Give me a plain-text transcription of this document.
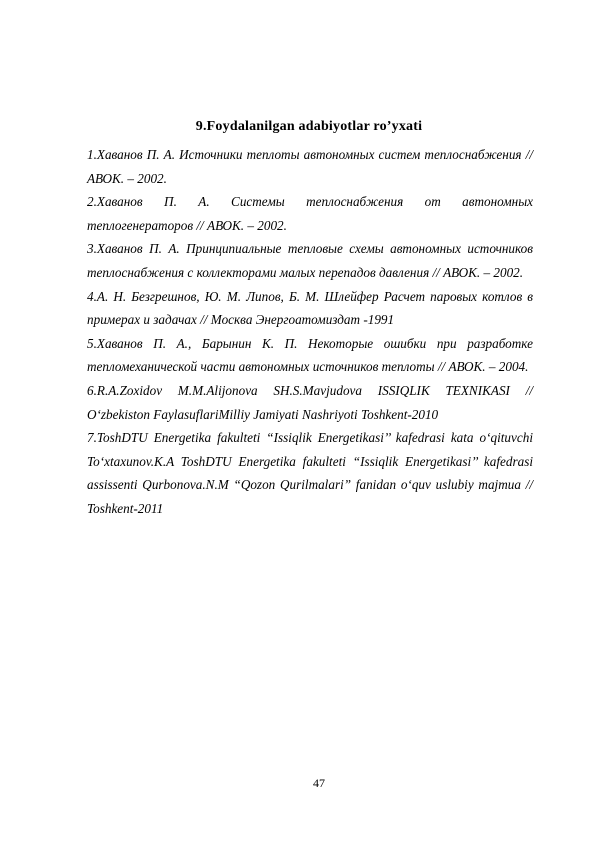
9.Foydalanilgan adabiyotlar ro’yxati
1.Хаванов П. А. Источники теплоты автономных систем теплоснабжения // АВОК. – 2002.
2.Хаванов П. А. Системы теплоснабжения от автономных теплогенераторов // АВОК. – 2002.
3.Хаванов П. А. Принципиальные тепловые схемы автономных источников теплоснабжения с коллекторами малых перепадов давления // АВОК. – 2002.
4.А. Н. Безгрешнов, Ю. М. Липов, Б. М. Шлейфер Расчет паровых котлов в примерах и задачах // Москва Энергоатомиздат -1991
5.Хаванов П. А., Барынин К. П. Некоторые ошибки при разработке тепломеханической части автономных источников теплоты // АВОК. – 2004.
6.R.A.Zoxidov M.M.Alijonova SH.S.Mavjudova ISSIQLIK TEXNIKASI // O‘zbekiston FaylasuflariMilliy Jamiyati Nashriyoti Toshkent-2010
7.ToshDTU Energetika fakulteti “Issiqlik Energetikasi’’ kafedrasi kata o‘qituvchi To‘xtaxunov.K.A ToshDTU Energetika fakulteti “Issiqlik Energetikasi’’ kafedrasi assissenti Qurbonova.N.M “Qozon Qurilmalari” fanidan o‘quv uslubiy majmua // Toshkent-2011
47
